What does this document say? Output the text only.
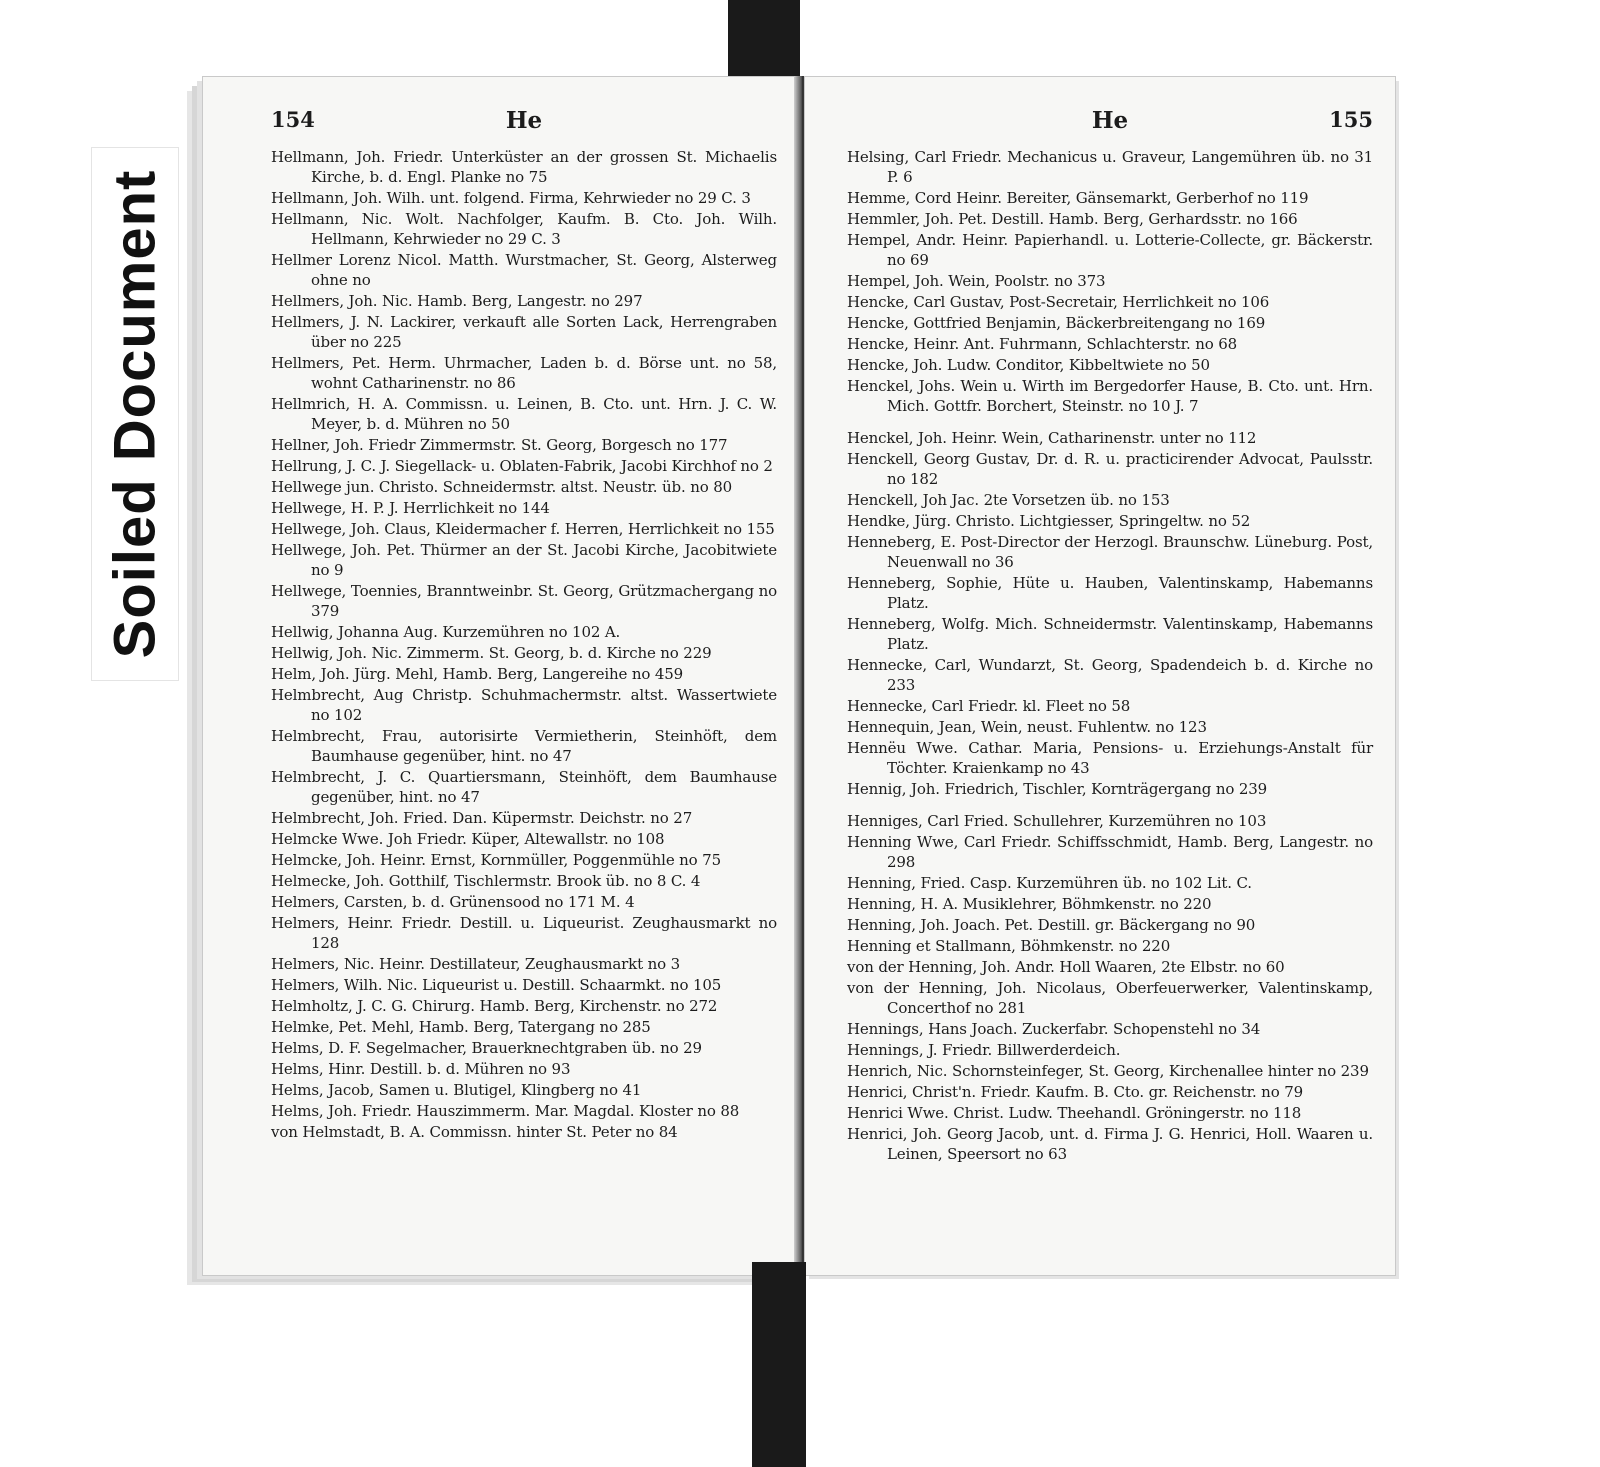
Soiled Document
154	He

Hellmann, Joh. Friedr. Unterküster an der grossen St. Michaelis Kirche, b. d. Engl. Planke no 75

Hellmann, Joh. Wilh. unt. folgend. Firma, Kehrwieder no 29 C. 3

Hellmann, Nic. Wolt. Nachfolger, Kaufm. B. Cto. Joh. Wilh. Hellmann, Kehrwieder no 29 C. 3

Hellmer Lorenz Nicol. Matth. Wurstmacher, St. Georg, Alsterweg ohne no

Hellmers, Joh. Nic. Hamb. Berg, Langestr. no 297

Hellmers, J. N. Lackirer, verkauft alle Sorten Lack, Herrengraben über no 225

Hellmers, Pet. Herm. Uhrmacher, Laden b. d. Börse unt. no 58, wohnt Catharinenstr. no 86

Hellmrich, H. A. Commissn. u. Leinen, B. Cto. unt. Hrn. J. C. W. Meyer, b. d. Mühren no 50

Hellner, Joh. Friedr Zimmermstr. St. Georg, Borgesch no 177

Hellrung, J. C. J. Siegellack- u. Oblaten-Fabrik, Jacobi Kirchhof no 2

Hellwege jun. Christo. Schneidermstr. altst. Neustr. üb. no 80

Hellwege, H. P. J. Herrlichkeit no 144

Hellwege, Joh. Claus, Kleidermacher f. Herren, Herrlichkeit no 155

Hellwege, Joh. Pet. Thürmer an der St. Jacobi Kirche, Jacobitwiete no 9

Hellwege, Toennies, Branntweinbr. St. Georg, Grützmachergang no 379

Hellwig, Johanna Aug. Kurzemühren no 102 A.

Hellwig, Joh. Nic. Zimmerm. St. Georg, b. d. Kirche no 229

Helm, Joh. Jürg. Mehl, Hamb. Berg, Langereihe no 459

Helmbrecht, Aug Christp. Schuhmachermstr. altst. Wassertwiete no 102

Helmbrecht, Frau, autorisirte Vermietherin, Steinhöft, dem Baumhause gegenüber, hint. no 47

Helmbrecht, J. C. Quartiersmann, Steinhöft, dem Baumhause gegenüber, hint. no 47

Helmbrecht, Joh. Fried. Dan. Küpermstr. Deichstr. no 27

Helmcke Wwe. Joh Friedr. Küper, Altewallstr. no 108

Helmcke, Joh. Heinr. Ernst, Kornmüller, Poggenmühle no 75

Helmecke, Joh. Gotthilf, Tischlermstr. Brook üb. no 8 C. 4

Helmers, Carsten, b. d. Grünensood no 171 M. 4

Helmers, Heinr. Friedr. Destill. u. Liqueurist. Zeughausmarkt no 128

Helmers, Nic. Heinr. Destillateur, Zeughausmarkt no 3

Helmers, Wilh. Nic. Liqueurist u. Destill. Schaarmkt. no 105

Helmholtz, J. C. G. Chirurg. Hamb. Berg, Kirchenstr. no 272

Helmke, Pet. Mehl, Hamb. Berg, Tatergang no 285

Helms, D. F. Segelmacher, Brauerknechtgraben üb. no 29

Helms, Hinr. Destill. b. d. Mühren no 93

Helms, Jacob, Samen u. Blutigel, Klingberg no 41

Helms, Joh. Friedr. Hauszimmerm. Mar. Magdal. Kloster no 88

von Helmstadt, B. A. Commissn. hinter St. Peter no 84

He	155

Helsing, Carl Friedr. Mechanicus u. Graveur, Langemühren üb. no 31 P. 6

Hemme, Cord Heinr. Bereiter, Gänsemarkt, Gerberhof no 119

Hemmler, Joh. Pet. Destill. Hamb. Berg, Gerhardsstr. no 166

Hempel, Andr. Heinr. Papierhandl. u. Lotterie-Collecte, gr. Bäckerstr. no 69

Hempel, Joh. Wein, Poolstr. no 373

Hencke, Carl Gustav, Post-Secretair, Herrlichkeit no 106

Hencke, Gottfried Benjamin, Bäckerbreitengang no 169

Hencke, Heinr. Ant. Fuhrmann, Schlachterstr. no 68

Hencke, Joh. Ludw. Conditor, Kibbeltwiete no 50

Henckel, Johs. Wein u. Wirth im Bergedorfer Hause, B. Cto. unt. Hrn. Mich. Gottfr. Borchert, Steinstr. no 10 J. 7

Henckel, Joh. Heinr. Wein, Catharinenstr. unter no 112

Henckell, Georg Gustav, Dr. d. R. u. practicirender Advocat, Paulsstr. no 182

Henckell, Joh Jac. 2te Vorsetzen üb. no 153

Hendke, Jürg. Christo. Lichtgiesser, Springeltw. no 52

Henneberg, E. Post-Director der Herzogl. Braunschw. Lüneburg. Post, Neuenwall no 36

Henneberg, Sophie, Hüte u. Hauben, Valentinskamp, Habemanns Platz.

Henneberg, Wolfg. Mich. Schneidermstr. Valentinskamp, Habemanns Platz.

Hennecke, Carl, Wundarzt, St. Georg, Spadendeich b. d. Kirche no 233

Hennecke, Carl Friedr. kl. Fleet no 58

Hennequin, Jean, Wein, neust. Fuhlentw. no 123

Hennëu Wwe. Cathar. Maria, Pensions- u. Erziehungs-Anstalt für Töchter. Kraienkamp no 43

Hennig, Joh. Friedrich, Tischler, Kornträgergang no 239

Henniges, Carl Fried. Schullehrer, Kurzemühren no 103

Henning Wwe, Carl Friedr. Schiffsschmidt, Hamb. Berg, Langestr. no 298

Henning, Fried. Casp. Kurzemühren üb. no 102 Lit. C.

Henning, H. A. Musiklehrer, Böhmkenstr. no 220

Henning, Joh. Joach. Pet. Destill. gr. Bäckergang no 90

Henning et Stallmann, Böhmkenstr. no 220

von der Henning, Joh. Andr. Holl Waaren, 2te Elbstr. no 60

von der Henning, Joh. Nicolaus, Oberfeuerwerker, Valentinskamp, Concerthof no 281

Hennings, Hans Joach. Zuckerfabr. Schopenstehl no 34

Hennings, J. Friedr. Billwerderdeich.

Henrich, Nic. Schornsteinfeger, St. Georg, Kirchenallee hinter no 239

Henrici, Christ'n. Friedr. Kaufm. B. Cto. gr. Reichenstr. no 79

Henrici Wwe. Christ. Ludw. Theehandl. Gröningerstr. no 118

Henrici, Joh. Georg Jacob, unt. d. Firma J. G. Henrici, Holl. Waaren u. Leinen, Speersort no 63
